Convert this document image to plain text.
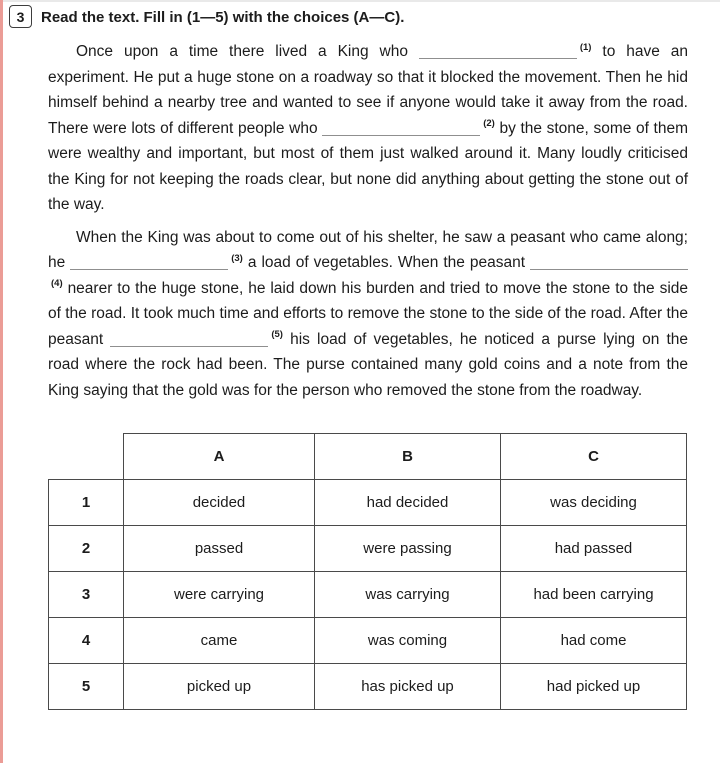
3 Read the text. Fill in (1—5) with the choices (A—C).

Once upon a time there lived a King who	$^{(1)}$ to have an experiment. He put a huge stone on a roadway so that it blocked the movement. Then he hid himself behind a nearby tree and wanted to see if anyone would take it away from the road. There were lots of different people who	$^{(2)}$ by the stone, some of them were wealthy and important, but most of them just walked around it. Many loudly criticised the King for not keeping the roads clear, but none did anything about getting the stone out of the way.

When the King was about to come out of his shelter, he saw a peasant who came along; he	$^{(3)}$ a load of vegetables. When the peasant $^{(4)}$ nearer to the huge stone, he laid down his burden and tried to move the stone to the side of the road. It took much time and efforts to remove the stone to the side of the road. After the peasant	$^{(5)}$ his load of vegetables, he noticed a purse lying on the road where the rock had been. The purse contained many gold coins and a note from the King saying that the gold was for the person who removed the stone from the roadway.

	A	B	C
1	decided	had decided	was deciding
2	passed	were passing	had passed
3	were carrying	was carrying	had been carrying
4	came	was coming	had come
5	picked up	has picked up	had picked up
